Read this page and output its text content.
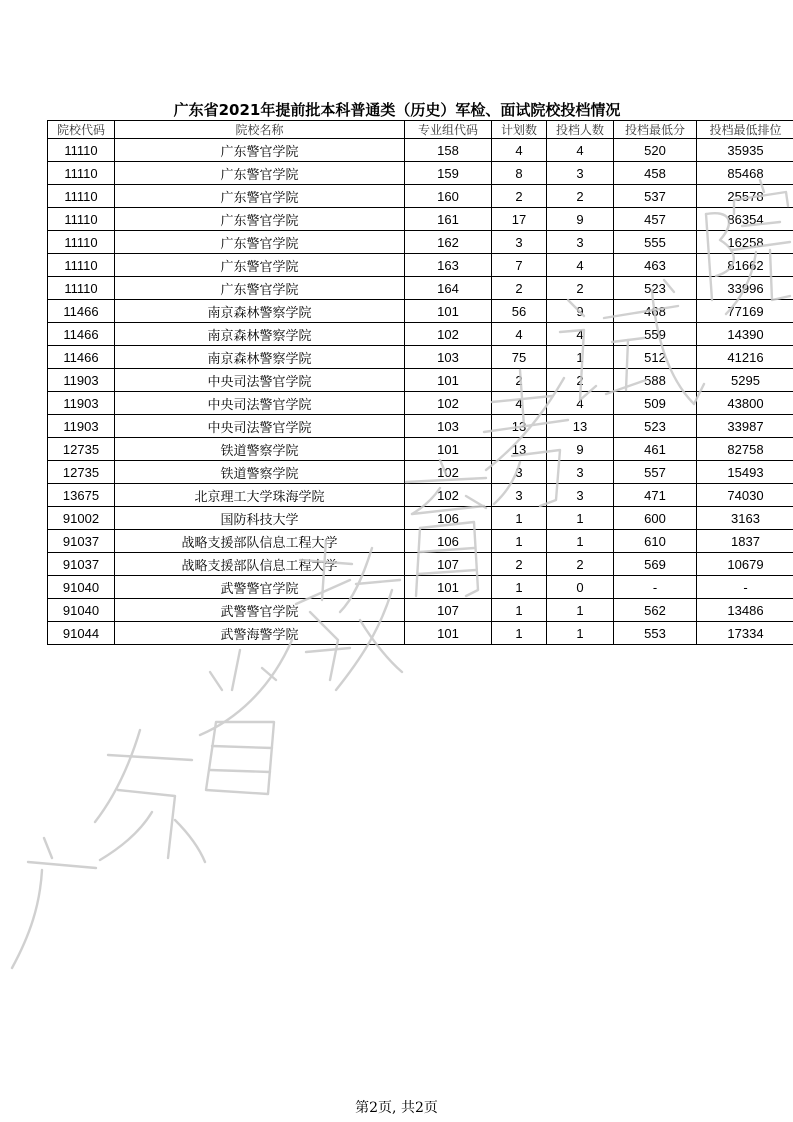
广东省2021年提前批本科普通类（历史）军检、面试院校投档情况
院校代码	院校名称	专业组代码	计划数	投档人数	投档最低分	投档最低排位
11110	广东警官学院	158	4	4	520	35935
11110	广东警官学院	159	8	3	458	85468
11110	广东警官学院	160	2	2	537	25578
11110	广东警官学院	161	17	9	457	86354
11110	广东警官学院	162	3	3	555	16258
11110	广东警官学院	163	7	4	463	81662
11110	广东警官学院	164	2	2	523	33996
11466	南京森林警察学院	101	56	9	468	77169
11466	南京森林警察学院	102	4	4	559	14390
11466	南京森林警察学院	103	75	1	512	41216
11903	中央司法警官学院	101	2	2	588	5295
11903	中央司法警官学院	102	4	4	509	43800
11903	中央司法警官学院	103	13	13	523	33987
12735	铁道警察学院	101	13	9	461	82758
12735	铁道警察学院	102	3	3	557	15493
13675	北京理工大学珠海学院	102	3	3	471	74030
91002	国防科技大学	106	1	1	600	3163
91037	战略支援部队信息工程大学	106	1	1	610	1837
91037	战略支援部队信息工程大学	107	2	2	569	10679
91040	武警警官学院	101	1	0	-	-
91040	武警警官学院	107	1	1	562	13486
91044	武警海警学院	101	1	1	553	17334
第2页, 共2页
